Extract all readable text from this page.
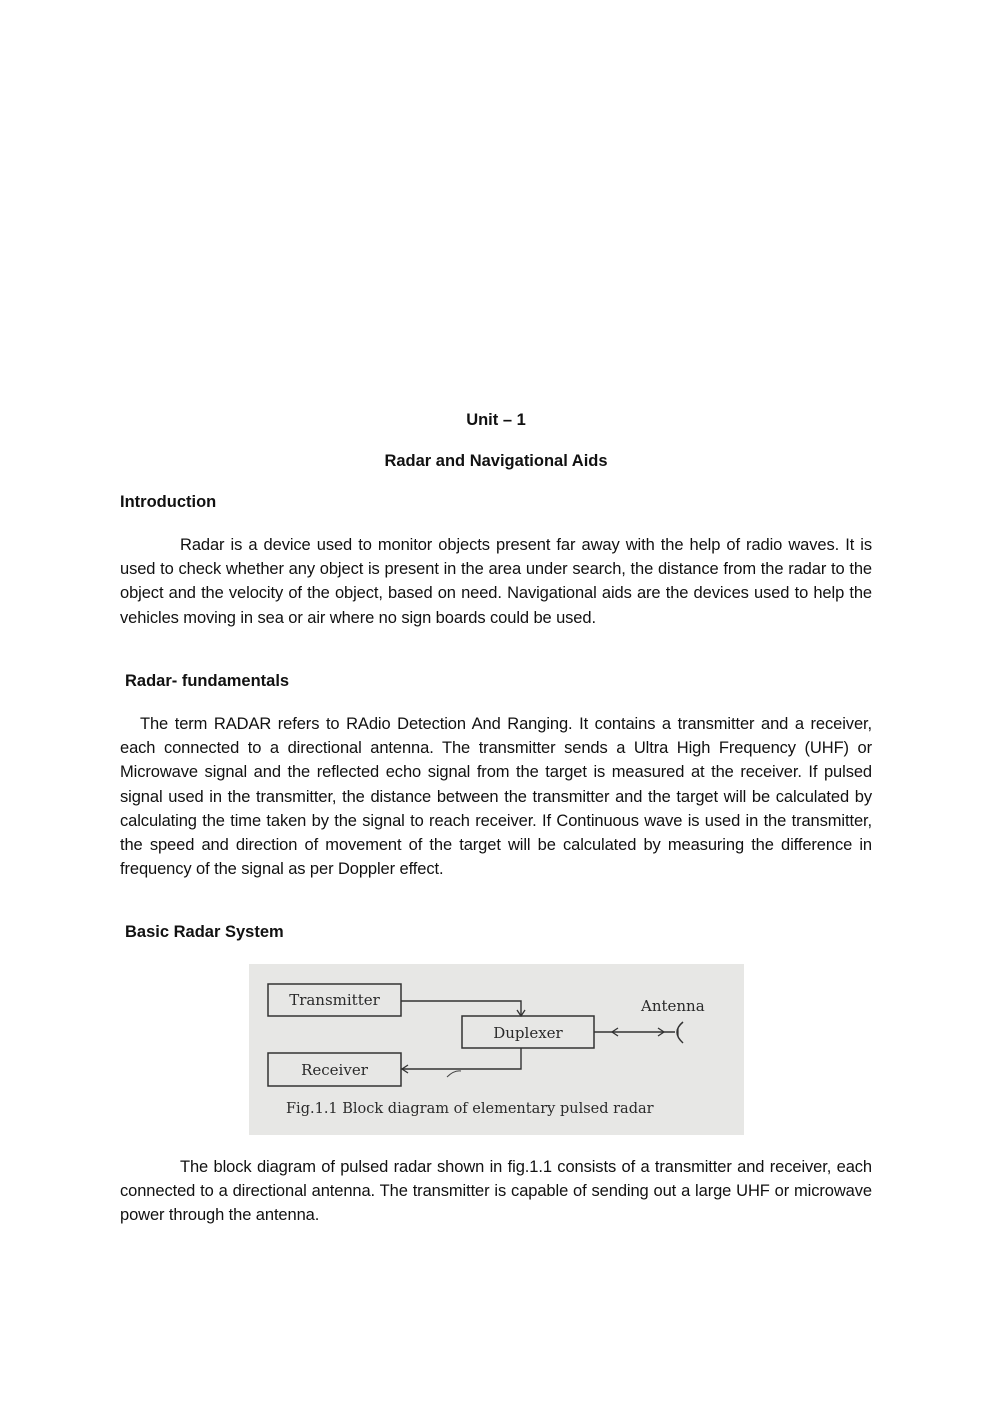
Unit – 1
Radar and Navigational Aids
Introduction
Radar is a device used to monitor objects present far away with the help of radio waves. It is used to check whether any object is present in the area under search, the distance from the radar to the object and the velocity of the object, based on need. Navigational aids are the devices used to help the vehicles moving in sea or air where no sign boards could be used.
Radar- fundamentals
The term RADAR refers to RAdio Detection And Ranging. It contains a transmitter and a receiver, each connected to a directional antenna. The transmitter sends a Ultra High Frequency (UHF) or Microwave signal and the reflected echo signal from the target is measured at the receiver. If pulsed signal used in the transmitter, the distance between the transmitter and the target will be calculated by calculating the time taken by the signal to reach receiver. If Continuous wave is used in the transmitter, the speed and direction of movement of the target will be calculated by measuring the difference in frequency of the signal as per Doppler effect.
Basic Radar System
Transmitter
Duplexer
Receiver
Antenna
Fig.1.1 Block diagram of elementary pulsed radar
The block diagram of pulsed radar shown in fig.1.1 consists of a transmitter and receiver, each connected to a directional antenna. The transmitter is capable of sending out a large UHF or microwave power through the antenna.
